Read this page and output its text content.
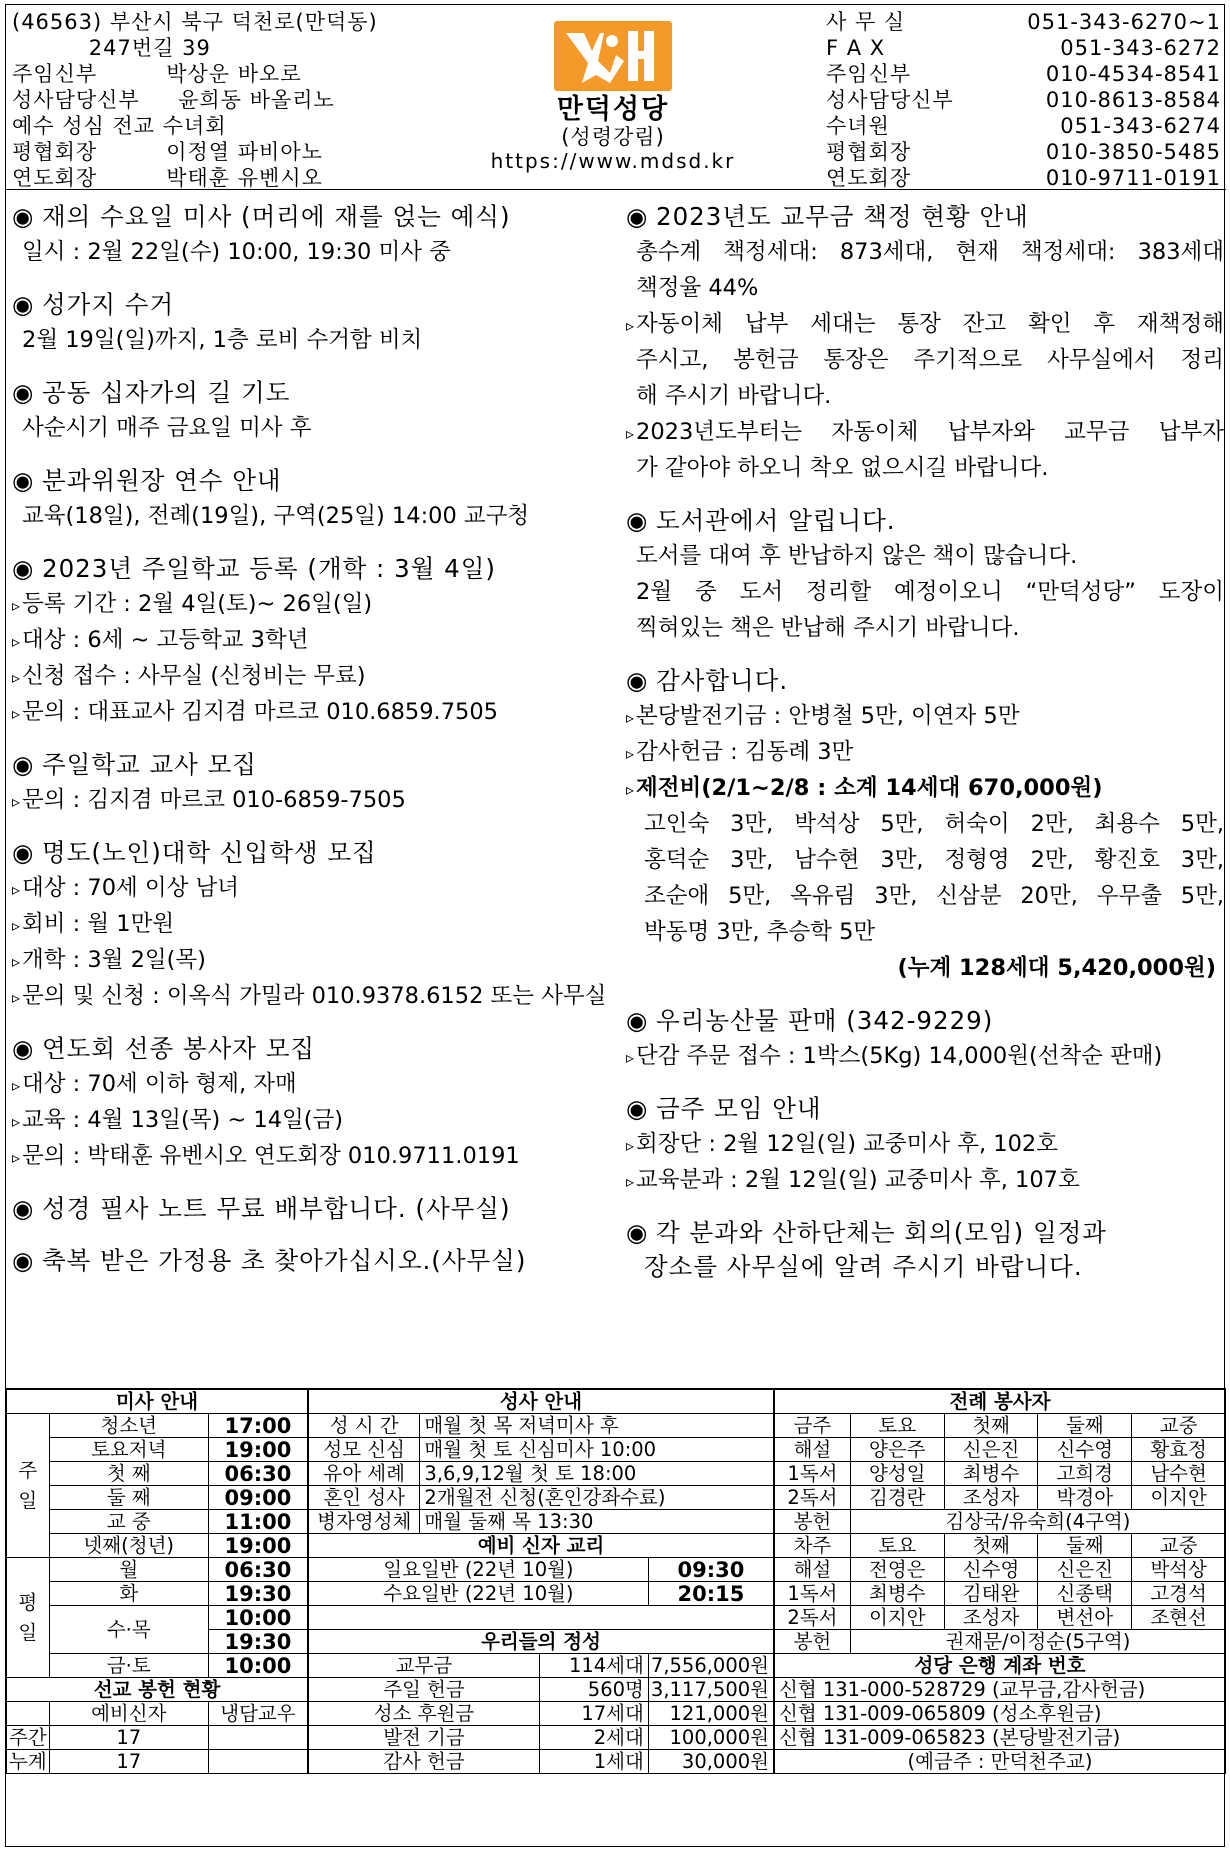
(46563) 부산시 북구 덕천로(만덕동)
247번길 39
주임신부         박상운 바오로
성사담당신부     윤희동 바올리노
예수 성심 전교 수녀회
평협회장         이정열 파비아노
연도회장         박태훈 유벤시오
만덕성당
(성령강림)
https://www.mdsd.kr
사 무 실	051-343-6270~1
F A X	051-343-6272
주임신부	010-4534-8541
성사담당신부	010-8613-8584
수녀원	051-343-6274
평협회장	010-3850-5485
연도회장	010-9711-0191
◉ 재의 수요일 미사 (머리에 재를 얹는 예식)
일시 : 2월 22일(수) 10:00, 19:30 미사 중
◉ 성가지 수거
2월 19일(일)까지, 1층 로비 수거함 비치
◉ 공동 십자가의 길 기도
사순시기 매주 금요일 미사 후
◉ 분과위원장 연수 안내
교육(18일), 전례(19일), 구역(25일) 14:00 교구청
◉ 2023년 주일학교 등록 (개학 : 3월 4일)
▹ 등록 기간 : 2월 4일(토)~ 26일(일)
▹ 대상 : 6세 ~ 고등학교 3학년
▹ 신청 접수 : 사무실 (신청비는 무료)
▹ 문의 : 대표교사 김지겸 마르코 010.6859.7505
◉ 주일학교 교사 모집
▹ 문의 : 김지겸 마르코 010-6859-7505
◉ 명도(노인)대학 신입학생 모집
▹ 대상 : 70세 이상 남녀
▹ 회비 : 월 1만원
▹ 개학 : 3월 2일(목)
▹ 문의 및 신청 : 이옥식 가밀라 010.9378.6152 또는 사무실
◉ 연도회 선종 봉사자 모집
▹ 대상 : 70세 이하 형제, 자매
▹ 교육 : 4월 13일(목) ~ 14일(금)
▹ 문의 : 박태훈 유벤시오 연도회장 010.9711.0191
◉ 성경 필사 노트 무료 배부합니다. (사무실)
◉ 축복 받은 가정용 초 찾아가십시오.(사무실)
◉ 2023년도 교무금 책정 현황 안내
총수계 책정세대: 873세대, 현재 책정세대: 383세대
책정율 44%
▹ 자동이체 납부 세대는 통장 잔고 확인 후 재책정해
주시고, 봉헌금 통장은 주기적으로 사무실에서 정리
해 주시기 바랍니다.
▹ 2023년도부터는 자동이체 납부자와 교무금 납부자
가 같아야 하오니 착오 없으시길 바랍니다.
◉ 도서관에서 알립니다.
도서를 대여 후 반납하지 않은 책이 많습니다.
2월 중 도서 정리할 예정이오니 “만덕성당” 도장이
찍혀있는 책은 반납해 주시기 바랍니다.
◉ 감사합니다.
▹ 본당발전기금 : 안병철 5만, 이연자 5만
▹ 감사헌금 : 김동례 3만
▹ 제전비(2/1~2/8 : 소계 14세대 670,000원)
고인숙 3만, 박석상 5만, 허숙이 2만, 최용수 5만,
홍덕순 3만, 남수현 3만, 정형영 2만, 황진호 3만,
조순애 5만, 옥유림 3만, 신삼분 20만, 우무출 5만,
박동명 3만, 추승학 5만
(누계 128세대 5,420,000원)
◉ 우리농산물 판매 (342-9229)
▹ 단감 주문 접수 : 1박스(5Kg) 14,000원(선착순 판매)
◉ 금주 모임 안내
▹ 회장단 : 2월 12일(일) 교중미사 후, 102호
▹ 교육분과 : 2월 12일(일) 교중미사 후, 107호
◉ 각 분과와 산하단체는 회의(모임) 일정과
장소를 사무실에 알려 주시기 바랍니다.
미사 안내		
주
일	청소년	17:00
	토요저녁	19:00
	첫 째	06:30
	둘 째	09:00
	교 중	11:00
	넷째(청년)	19:00
평
일	월	06:30
	화	19:30
	수·목	10:00
		19:30
	금·토	10:00
선교 봉헌 현황		
	예비신자	냉담교우
주간	17	
누계	17	
성사 안내			
성 시 간	매월 첫 목 저녁미사 후		
성모 신심	매월 첫 토 신심미사 10:00		
유아 세례	3,6,9,12월 첫 토 18:00		
혼인 성사	2개월전 신청(혼인강좌수료)		
병자영성체	매월 둘째 목 13:30		
예비 신자 교리			
일요일반 (22년 10월)			09:30
수요일반 (22년 10월)			20:15

우리들의 정성			
교무금		114세대	7,556,000원
주일 헌금		560명	3,117,500원
성소 후원금		17세대	121,000원
발전 기금		2세대	100,000원
감사 헌금		1세대	30,000원
전례 봉사자				
금주	토요	첫째	둘째	교중
해설	양은주	신은진	신수영	황효정
1독서	양성일	최병수	고희경	남수현
2독서	김경란	조성자	박경아	이지안
봉헌	김상국/유숙희(4구역)			
차주	토요	첫째	둘째	교중
해설	전영은	신수영	신은진	박석상
1독서	최병수	김태완	신종택	고경석
2독서	이지안	조성자	변선아	조현선
봉헌	권재문/이정순(5구역)			
성당 은행 계좌 번호				
신협 131-000-528729 (교무금,감사헌금)				
신협 131-009-065809 (성소후원금)				
신협 131-009-065823 (본당발전기금)				
(예금주 : 만덕천주교)				
